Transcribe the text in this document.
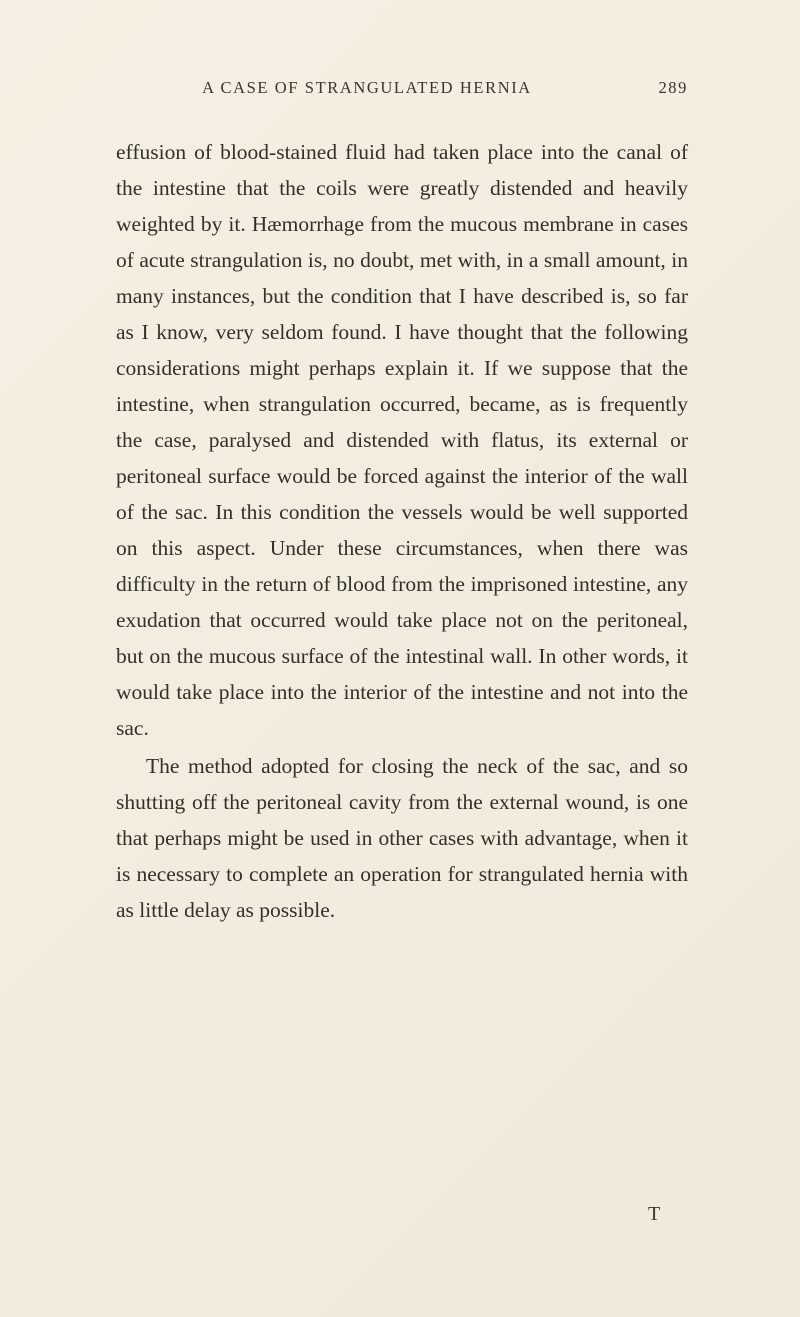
A CASE OF STRANGULATED HERNIA	289

effusion of blood-stained fluid had taken place into the canal of the intestine that the coils were greatly distended and heavily weighted by it. Hæmorrhage from the mucous membrane in cases of acute strangulation is, no doubt, met with, in a small amount, in many instances, but the condition that I have described is, so far as I know, very seldom found. I have thought that the following considerations might perhaps explain it. If we suppose that the intestine, when strangulation occurred, became, as is frequently the case, paralysed and distended with flatus, its external or peritoneal surface would be forced against the interior of the wall of the sac. In this condition the vessels would be well supported on this aspect. Under these circumstances, when there was difficulty in the return of blood from the imprisoned intestine, any exudation that occurred would take place not on the peritoneal, but on the mucous surface of the intestinal wall. In other words, it would take place into the interior of the intestine and not into the sac.

The method adopted for closing the neck of the sac, and so shutting off the peritoneal cavity from the external wound, is one that perhaps might be used in other cases with advantage, when it is necessary to complete an operation for strangulated hernia with as little delay as possible.

T
